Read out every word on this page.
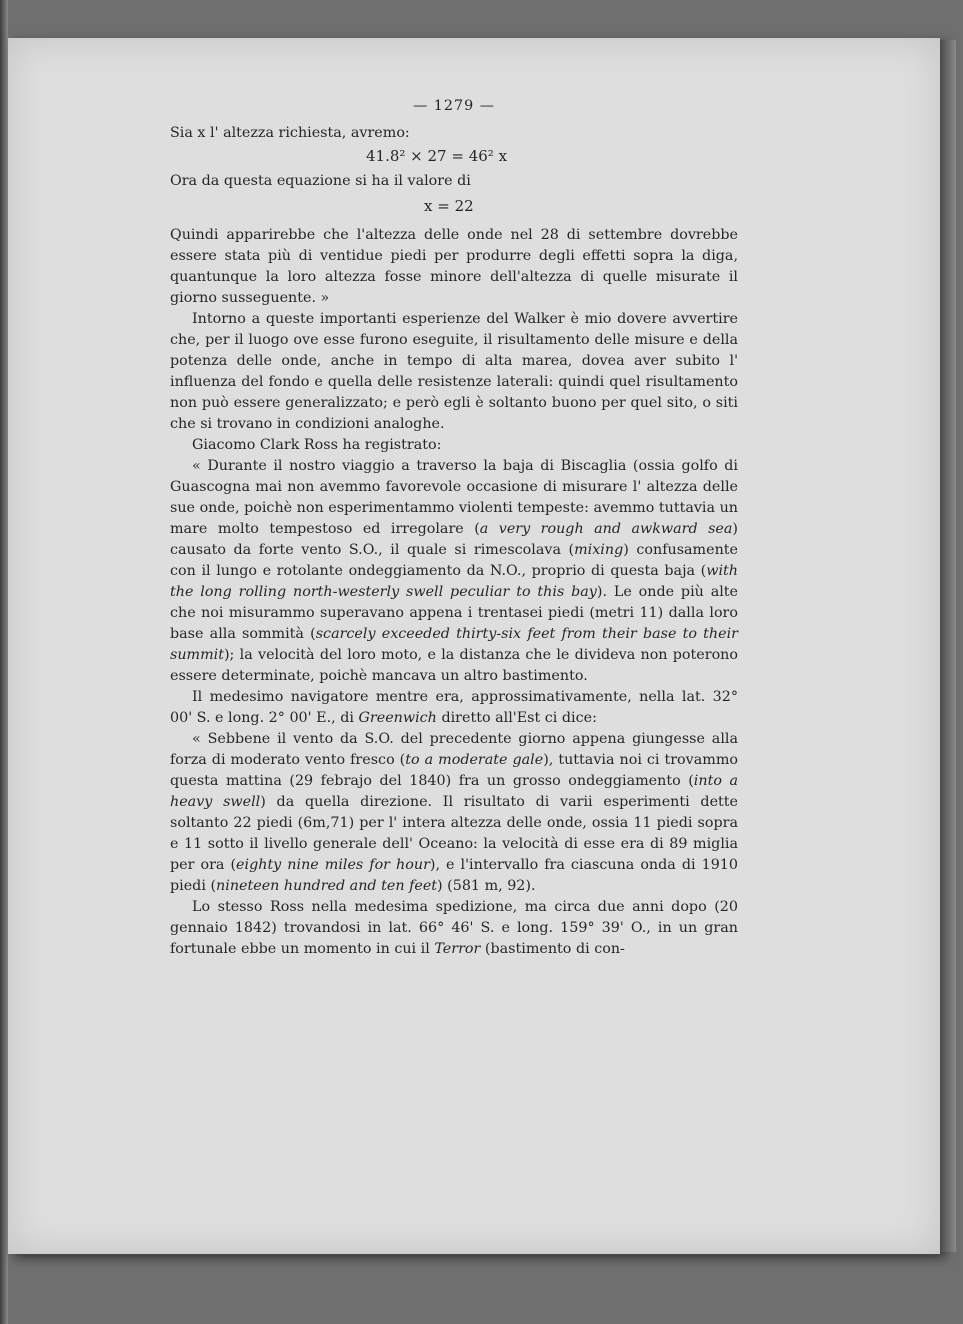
— 1279 —

Sia x l' altezza richiesta, avremo:

41.8² × 27 = 46² x

Ora da questa equazione si ha il valore di

x = 22

Quindi apparirebbe che l'altezza delle onde nel 28 di settembre dovrebbe essere stata più di ventidue piedi per produrre degli effetti sopra la diga, quantunque la loro altezza fosse minore dell'altezza di quelle misurate il giorno susseguente. »

Intorno a queste importanti esperienze del Walker è mio dovere avvertire che, per il luogo ove esse furono eseguite, il risultamento delle misure e della potenza delle onde, anche in tempo di alta marea, dovea aver subito l' influenza del fondo e quella delle resistenze laterali: quindi quel risultamento non può essere generalizzato; e però egli è soltanto buono per quel sito, o siti che si trovano in condizioni analoghe.

Giacomo Clark Ross ha registrato:

« Durante il nostro viaggio a traverso la baja di Biscaglia (ossia golfo di Guascogna mai non avemmo favorevole occasione di misurare l' altezza delle sue onde, poichè non esperimentammo violenti tempeste: avemmo tuttavia un mare molto tempestoso ed irregolare (a very rough and awkward sea) causato da forte vento S.O., il quale si rimescolava (mixing) confusamente con il lungo e rotolante ondeggiamento da N.O., proprio di questa baja (with the long rolling north-westerly swell peculiar to this bay). Le onde più alte che noi misurammo superavano appena i trentasei piedi (metri 11) dalla loro base alla sommità (scarcely exceeded thirty-six feet from their base to their summit); la velocità del loro moto, e la distanza che le divideva non poterono essere determinate, poichè mancava un altro bastimento.

Il medesimo navigatore mentre era, approssimativamente, nella lat. 32° 00' S. e long. 2° 00' E., di Greenwich diretto all'Est ci dice:

« Sebbene il vento da S.O. del precedente giorno appena giungesse alla forza di moderato vento fresco (to a moderate gale), tuttavia noi ci trovammo questa mattina (29 febrajo del 1840) fra un grosso ondeggiamento (into a heavy swell) da quella direzione. Il risultato di varii esperimenti dette soltanto 22 piedi (6m,71) per l' intera altezza delle onde, ossia 11 piedi sopra e 11 sotto il livello generale dell' Oceano: la velocità di esse era di 89 miglia per ora (eighty nine miles for hour), e l'intervallo fra ciascuna onda di 1910 piedi (nineteen hundred and ten feet) (581 m, 92).

Lo stesso Ross nella medesima spedizione, ma circa due anni dopo (20 gennaio 1842) trovandosi in lat. 66° 46' S. e long. 159° 39' O., in un gran fortunale ebbe un momento in cui il Terror (bastimento di con-
